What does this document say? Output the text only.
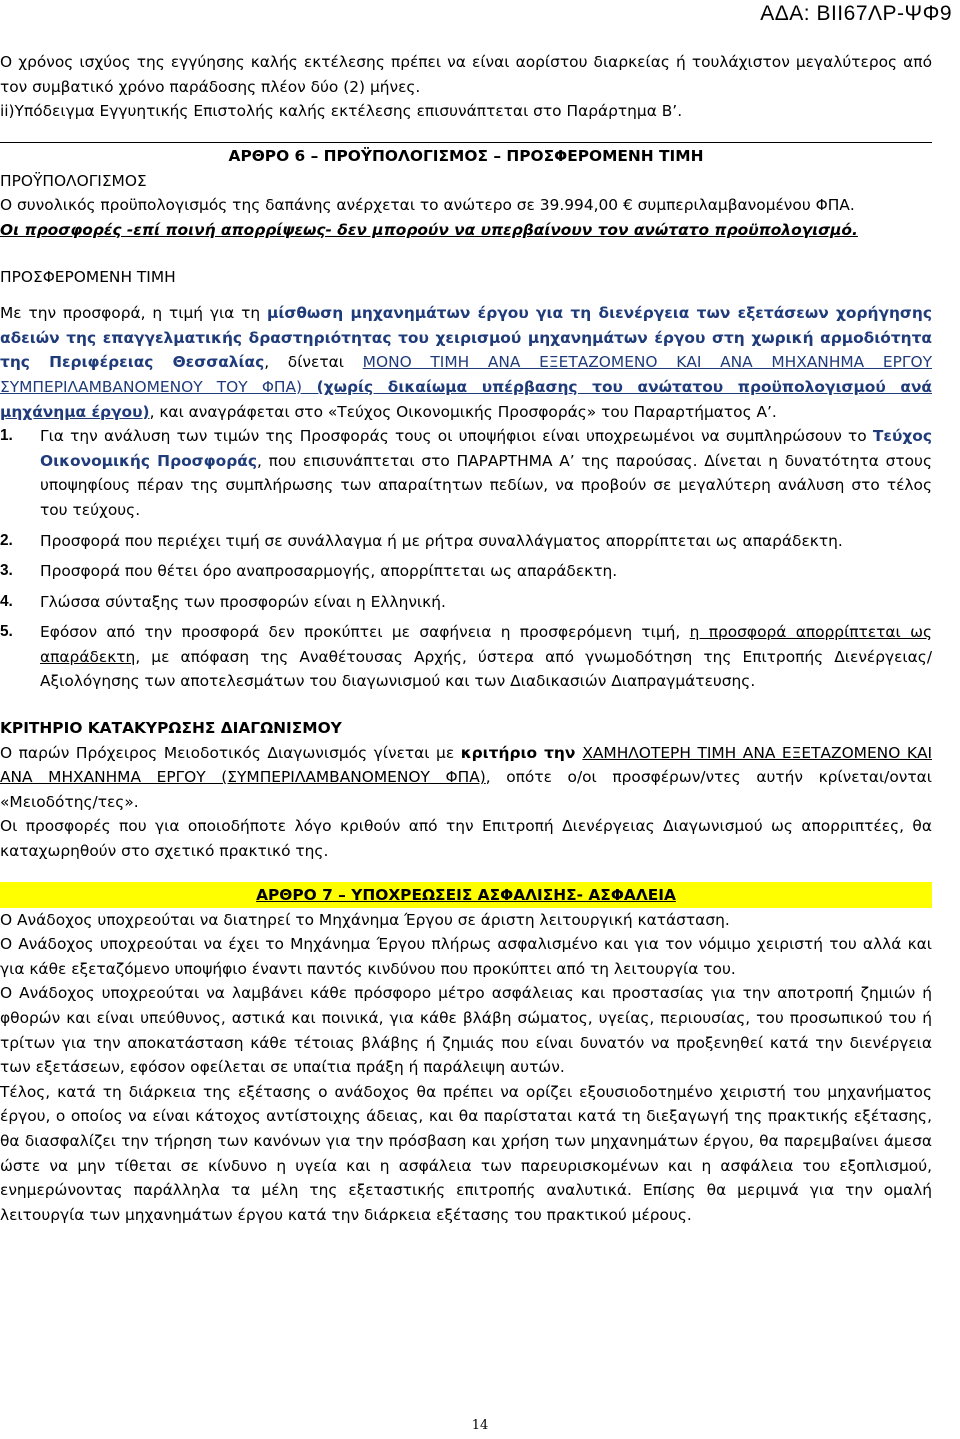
ΑΔΑ: ΒΙΙ67ΛΡ-ΨΦ9

Ο χρόνος ισχύος της εγγύησης καλής εκτέλεσης πρέπει να είναι αορίστου διαρκείας ή τουλάχιστον μεγαλύτερος από τον συμβατικό χρόνο παράδοσης πλέον δύο (2) μήνες.

ii)Υπόδειγμα Εγγυητικής Επιστολής καλής εκτέλεσης επισυνάπτεται στο Παράρτημα Β’.

ΑΡΘΡΟ 6 – ΠΡΟΫΠΟΛΟΓΙΣΜΟΣ – ΠΡΟΣΦΕΡΟΜΕΝΗ ΤΙΜΗ

ΠΡΟΫΠΟΛΟΓΙΣΜΟΣ

Ο συνολικός προϋπολογισμός της δαπάνης ανέρχεται το ανώτερο σε 39.994,00 € συμπεριλαμβανομένου ΦΠΑ.

Οι προσφορές -επί ποινή απορρίψεως- δεν μπορούν να υπερβαίνουν τον ανώτατο προϋπολογισμό.

ΠΡΟΣΦΕΡΟΜΕΝΗ ΤΙΜΗ

Με την προσφορά, η τιμή για τη μίσθωση μηχανημάτων έργου για τη διενέργεια των εξετάσεων χορήγησης αδειών της επαγγελματικής δραστηριότητας του χειρισμού μηχανημάτων έργου στη χωρική αρμοδιότητα της Περιφέρειας Θεσσαλίας, δίνεται ΜΟΝΟ ΤΙΜΗ ΑΝΑ ΕΞΕΤΑΖΟΜΕΝΟ ΚΑΙ ΑΝΑ ΜΗΧΑΝΗΜΑ ΕΡΓΟΥ ΣΥΜΠΕΡΙΛΑΜΒΑΝΟΜΕΝΟΥ ΤΟΥ ΦΠΑ) (χωρίς δικαίωμα υπέρβασης του ανώτατου προϋπολογισμού ανά μηχάνημα έργου), και αναγράφεται στο «Τεύχος Οικονομικής Προσφοράς» του Παραρτήματος Α’.

1. Για την ανάλυση των τιμών της Προσφοράς τους οι υποψήφιοι είναι υποχρεωμένοι να συμπληρώσουν το Τεύχος Οικονομικής Προσφοράς, που επισυνάπτεται στο ΠΑΡΑΡΤΗΜΑ Α’ της παρούσας. Δίνεται η δυνατότητα στους υποψηφίους πέραν της συμπλήρωσης των απαραίτητων πεδίων, να προβούν σε μεγαλύτερη ανάλυση στο τέλος του τεύχους.
2. Προσφορά που περιέχει τιμή σε συνάλλαγμα ή με ρήτρα συναλλάγματος απορρίπτεται ως απαράδεκτη.
3. Προσφορά που θέτει όρο αναπροσαρμογής, απορρίπτεται ως απαράδεκτη.
4. Γλώσσα σύνταξης των προσφορών είναι η Ελληνική.
5. Εφόσον από την προσφορά δεν προκύπτει με σαφήνεια η προσφερόμενη τιμή, η προσφορά απορρίπτεται ως απαράδεκτη, με απόφαση της Αναθέτουσας Αρχής, ύστερα από γνωμοδότηση της Επιτροπής Διενέργειας/Αξιολόγησης των αποτελεσμάτων του διαγωνισμού και των Διαδικασιών Διαπραγμάτευσης.

ΚΡΙΤΗΡΙΟ ΚΑΤΑΚΥΡΩΣΗΣ ΔΙΑΓΩΝΙΣΜΟΥ

Ο παρών Πρόχειρος Μειοδοτικός Διαγωνισμός γίνεται με κριτήριο την ΧΑΜΗΛΟΤΕΡΗ ΤΙΜΗ ΑΝΑ ΕΞΕΤΑΖΟΜΕΝΟ ΚΑΙ ΑΝΑ ΜΗΧΑΝΗΜΑ ΕΡΓΟΥ (ΣΥΜΠΕΡΙΛΑΜΒΑΝΟΜΕΝΟΥ ΦΠΑ), οπότε ο/οι προσφέρων/ντες αυτήν κρίνεται/ονται «Μειοδότης/τες».

Οι προσφορές που για οποιοδήποτε λόγο κριθούν από την Επιτροπή Διενέργειας Διαγωνισμού ως απορριπτέες, θα καταχωρηθούν στο σχετικό πρακτικό της.

ΑΡΘΡΟ 7 – ΥΠΟΧΡΕΩΣΕΙΣ ΑΣΦΑΛΙΣΗΣ- ΑΣΦΑΛΕΙΑ

Ο Ανάδοχος υποχρεούται να διατηρεί το Μηχάνημα Έργου σε άριστη λειτουργική κατάσταση.

Ο Ανάδοχος υποχρεούται να έχει το Μηχάνημα Έργου πλήρως ασφαλισμένο και για τον νόμιμο χειριστή του αλλά και για κάθε εξεταζόμενο υποψήφιο έναντι παντός κινδύνου που προκύπτει από τη λειτουργία του.

Ο Ανάδοχος υποχρεούται να λαμβάνει κάθε πρόσφορο μέτρο ασφάλειας και προστασίας για την αποτροπή ζημιών ή φθορών και είναι υπεύθυνος, αστικά και ποινικά, για κάθε βλάβη σώματος, υγείας, περιουσίας, του προσωπικού του ή τρίτων για την αποκατάσταση κάθε τέτοιας βλάβης ή ζημιάς που είναι δυνατόν να προξενηθεί κατά την διενέργεια των εξετάσεων, εφόσον οφείλεται σε υπαίτια πράξη ή παράλειψη αυτών.

Τέλος, κατά τη διάρκεια της εξέτασης ο ανάδοχος θα πρέπει να ορίζει εξουσιοδοτημένο χειριστή του μηχανήματος έργου, ο οποίος να είναι κάτοχος αντίστοιχης άδειας, και θα παρίσταται κατά τη διεξαγωγή της πρακτικής εξέτασης, θα διασφαλίζει την τήρηση των κανόνων για την πρόσβαση και χρήση των μηχανημάτων έργου, θα παρεμβαίνει άμεσα ώστε να μην τίθεται σε κίνδυνο η υγεία και η ασφάλεια των παρευρισκομένων και η ασφάλεια του εξοπλισμού, ενημερώνοντας παράλληλα τα μέλη της εξεταστικής επιτροπής αναλυτικά. Επίσης θα μεριμνά για την ομαλή λειτουργία των μηχανημάτων έργου κατά την διάρκεια εξέτασης του πρακτικού μέρους.

14
